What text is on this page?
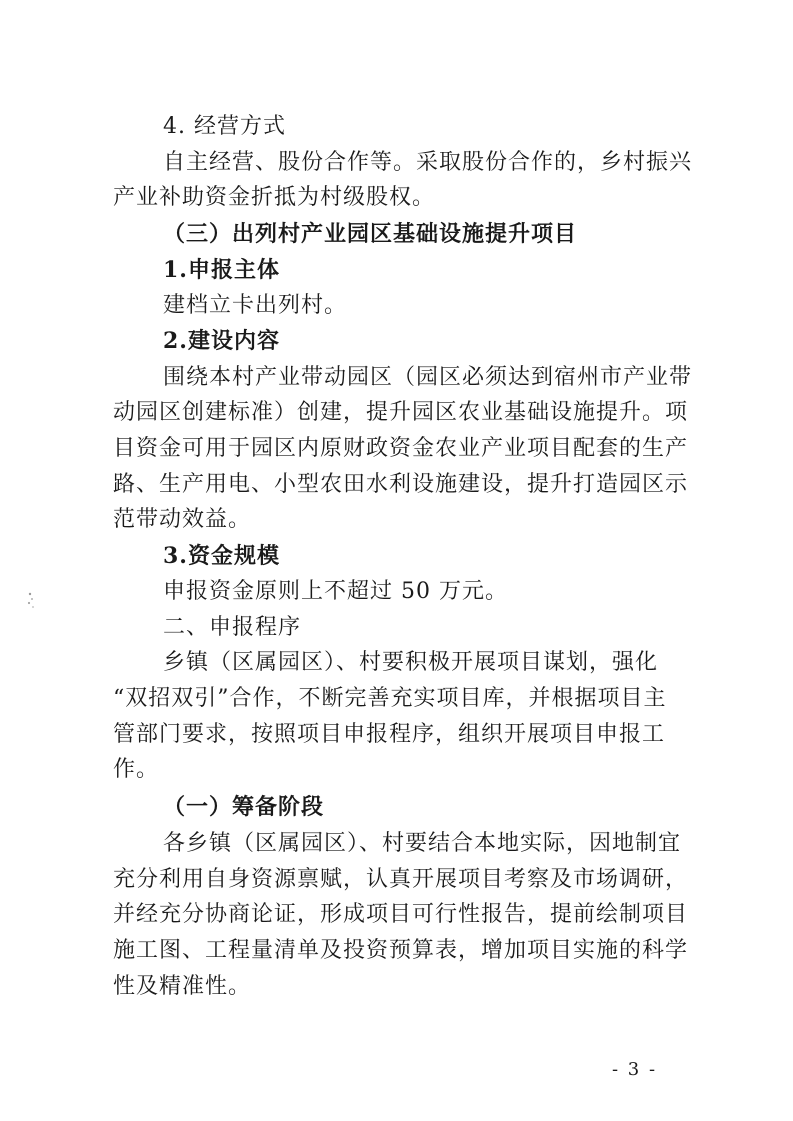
4. 经营方式
自主经营、股份合作等。采取股份合作的，乡村振兴
产业补助资金折抵为村级股权。
（三）出列村产业园区基础设施提升项目
1.申报主体
建档立卡出列村。
2.建设内容
围绕本村产业带动园区（园区必须达到宿州市产业带
动园区创建标准）创建，提升园区农业基础设施提升。项
目资金可用于园区内原财政资金农业产业项目配套的生产
路、生产用电、小型农田水利设施建设，提升打造园区示
范带动效益。
3.资金规模
申报资金原则上不超过 50 万元。
二、申报程序
乡镇（区属园区）、村要积极开展项目谋划，强化
“双招双引”合作，不断完善充实项目库，并根据项目主
管部门要求，按照项目申报程序，组织开展项目申报工
作。
（一）筹备阶段
各乡镇（区属园区）、村要结合本地实际，因地制宜
充分利用自身资源禀赋，认真开展项目考察及市场调研，
并经充分协商论证，形成项目可行性报告，提前绘制项目
施工图、工程量清单及投资预算表，增加项目实施的科学
性及精准性。
- 3 -
